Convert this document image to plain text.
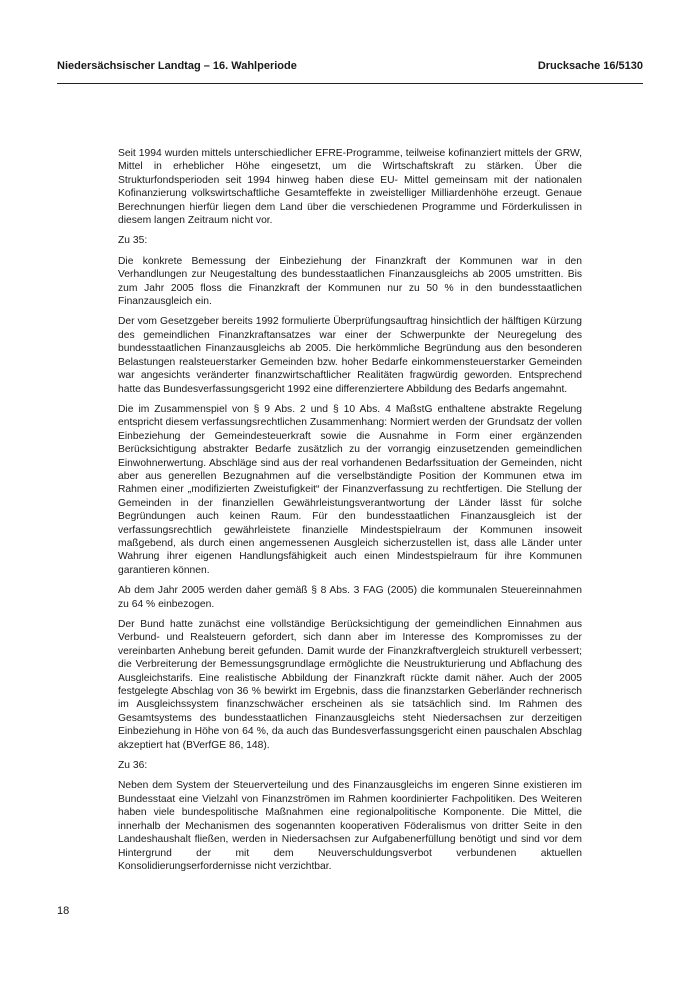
Niedersächsischer Landtag – 16. Wahlperiode	Drucksache 16/5130

Seit 1994 wurden mittels unterschiedlicher EFRE-Programme, teilweise kofinanziert mittels der GRW, Mittel in erheblicher Höhe eingesetzt, um die Wirtschaftskraft zu stärken. Über die Strukturfondsperioden seit 1994 hinweg haben diese EU- Mittel gemeinsam mit der nationalen Kofinanzierung volkswirtschaftliche Gesamteffekte in zweistelliger Milliardenhöhe erzeugt. Genaue Berechnungen hierfür liegen dem Land über die verschiedenen Programme und Förderkulissen in diesem langen Zeitraum nicht vor.

Zu 35:

Die konkrete Bemessung der Einbeziehung der Finanzkraft der Kommunen war in den Verhandlungen zur Neugestaltung des bundesstaatlichen Finanzausgleichs ab 2005 umstritten. Bis zum Jahr 2005 floss die Finanzkraft der Kommunen nur zu 50 % in den bundesstaatlichen Finanzausgleich ein.

Der vom Gesetzgeber bereits 1992 formulierte Überprüfungsauftrag hinsichtlich der hälftigen Kürzung des gemeindlichen Finanzkraftansatzes war einer der Schwerpunkte der Neuregelung des bundesstaatlichen Finanzausgleichs ab 2005. Die herkömmliche Begründung aus den besonderen Belastungen realsteuerstarker Gemeinden bzw. hoher Bedarfe einkommensteuerstarker Gemeinden war angesichts veränderter finanzwirtschaftlicher Realitäten fragwürdig geworden. Entsprechend hatte das Bundesverfassungsgericht 1992 eine differenziertere Abbildung des Bedarfs angemahnt.

Die im Zusammenspiel von § 9 Abs. 2 und § 10 Abs. 4 MaßstG enthaltene abstrakte Regelung entspricht diesem verfassungsrechtlichen Zusammenhang: Normiert werden der Grundsatz der vollen Einbeziehung der Gemeindesteuerkraft sowie die Ausnahme in Form einer ergänzenden Berücksichtigung abstrakter Bedarfe zusätzlich zu der vorrangig einzusetzenden gemeindlichen Einwohnerwertung. Abschläge sind aus der real vorhandenen Bedarfssituation der Gemeinden, nicht aber aus generellen Bezugnahmen auf die verselbständigte Position der Kommunen etwa im Rahmen einer „modifizierten Zweistufigkeit“ der Finanzverfassung zu rechtfertigen. Die Stellung der Gemeinden in der finanziellen Gewährleistungsverantwortung der Länder lässt für solche Begründungen auch keinen Raum. Für den bundesstaatlichen Finanzausgleich ist der verfassungsrechtlich gewährleistete finanzielle Mindestspielraum der Kommunen insoweit maßgebend, als durch einen angemessenen Ausgleich sicherzustellen ist, dass alle Länder unter Wahrung ihrer eigenen Handlungsfähigkeit auch einen Mindestspielraum für ihre Kommunen garantieren können.

Ab dem Jahr 2005 werden daher gemäß § 8 Abs. 3 FAG (2005) die kommunalen Steuereinnahmen zu 64 % einbezogen.

Der Bund hatte zunächst eine vollständige Berücksichtigung der gemeindlichen Einnahmen aus Verbund- und Realsteuern gefordert, sich dann aber im Interesse des Kompromisses zu der vereinbarten Anhebung bereit gefunden. Damit wurde der Finanzkraftvergleich strukturell verbessert; die Verbreiterung der Bemessungsgrundlage ermöglichte die Neustrukturierung und Abflachung des Ausgleichstarifs. Eine realistische Abbildung der Finanzkraft rückte damit näher. Auch der 2005 festgelegte Abschlag von 36 % bewirkt im Ergebnis, dass die finanzstarken Geberländer rechnerisch im Ausgleichssystem finanzschwächer erscheinen als sie tatsächlich sind. Im Rahmen des Gesamtsystems des bundesstaatlichen Finanzausgleichs steht Niedersachsen zur derzeitigen Einbeziehung in Höhe von 64 %, da auch das Bundesverfassungsgericht einen pauschalen Abschlag akzeptiert hat (BVerfGE 86, 148).

Zu 36:

Neben dem System der Steuerverteilung und des Finanzausgleichs im engeren Sinne existieren im Bundesstaat eine Vielzahl von Finanzströmen im Rahmen koordinierter Fachpolitiken. Des Weiteren haben viele bundespolitische Maßnahmen eine regionalpolitische Komponente. Die Mittel, die innerhalb der Mechanismen des sogenannten kooperativen Föderalismus von dritter Seite in den Landeshaushalt fließen, werden in Niedersachsen zur Aufgabenerfüllung benötigt und sind vor dem Hintergrund der mit dem Neuverschuldungsverbot verbundenen aktuellen Konsolidierungserfordernisse nicht verzichtbar.

18
